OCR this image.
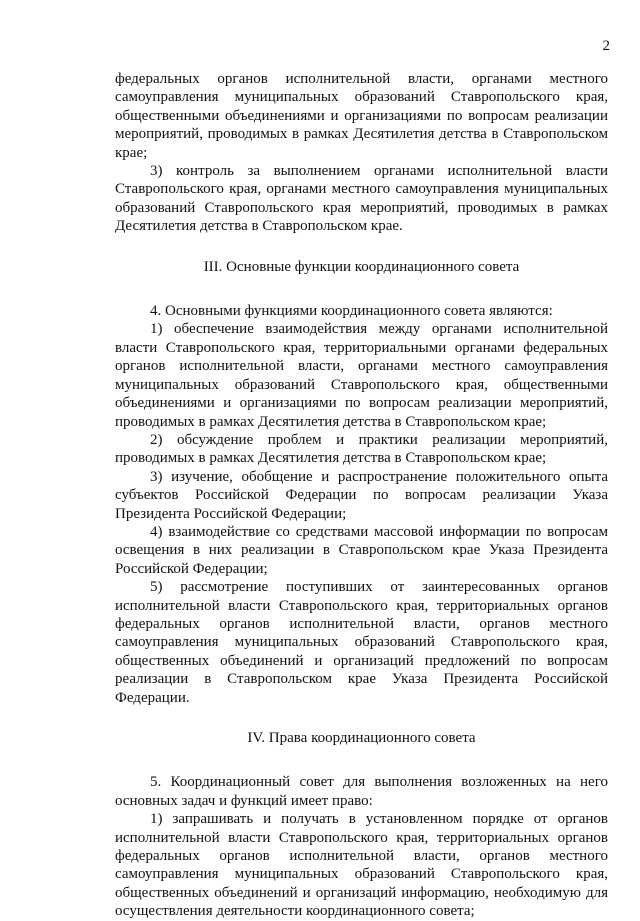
2

федеральных органов исполнительной власти, органами местного самоуправления муниципальных образований Ставропольского края, общественными объединениями и организациями по вопросам реализации мероприятий, проводимых в рамках Десятилетия детства в Ставропольском крае;

3) контроль за выполнением органами исполнительной власти Ставропольского края, органами местного самоуправления муниципальных образований Ставропольского края мероприятий, проводимых в рамках Десятилетия детства в Ставропольском крае.

III. Основные функции координационного совета

4. Основными функциями координационного совета являются:

1) обеспечение взаимодействия между органами исполнительной власти Ставропольского края, территориальными органами федеральных органов исполнительной власти, органами местного самоуправления муниципальных образований Ставропольского края, общественными объединениями и организациями по вопросам реализации мероприятий, проводимых в рамках Десятилетия детства в Ставропольском крае;

2) обсуждение проблем и практики реализации мероприятий, проводимых в рамках Десятилетия детства в Ставропольском крае;

3) изучение, обобщение и распространение положительного опыта субъектов Российской Федерации по вопросам реализации Указа Президента Российской Федерации;

4) взаимодействие со средствами массовой информации по вопросам освещения в них реализации в Ставропольском крае Указа Президента Российской Федерации;

5) рассмотрение поступивших от заинтересованных органов исполнительной власти Ставропольского края, территориальных органов федеральных органов исполнительной власти, органов местного самоуправления муниципальных образований Ставропольского края, общественных объединений и организаций предложений по вопросам реализации в Ставропольском крае Указа Президента Российской Федерации.

IV. Права координационного совета

5. Координационный совет для выполнения возложенных на него основных задач и функций имеет право:

1) запрашивать и получать в установленном порядке от органов исполнительной власти Ставропольского края, территориальных органов федеральных органов исполнительной власти, органов местного самоуправления муниципальных образований Ставропольского края, общественных объединений и организаций информацию, необходимую для осуществления деятельности координационного совета;
